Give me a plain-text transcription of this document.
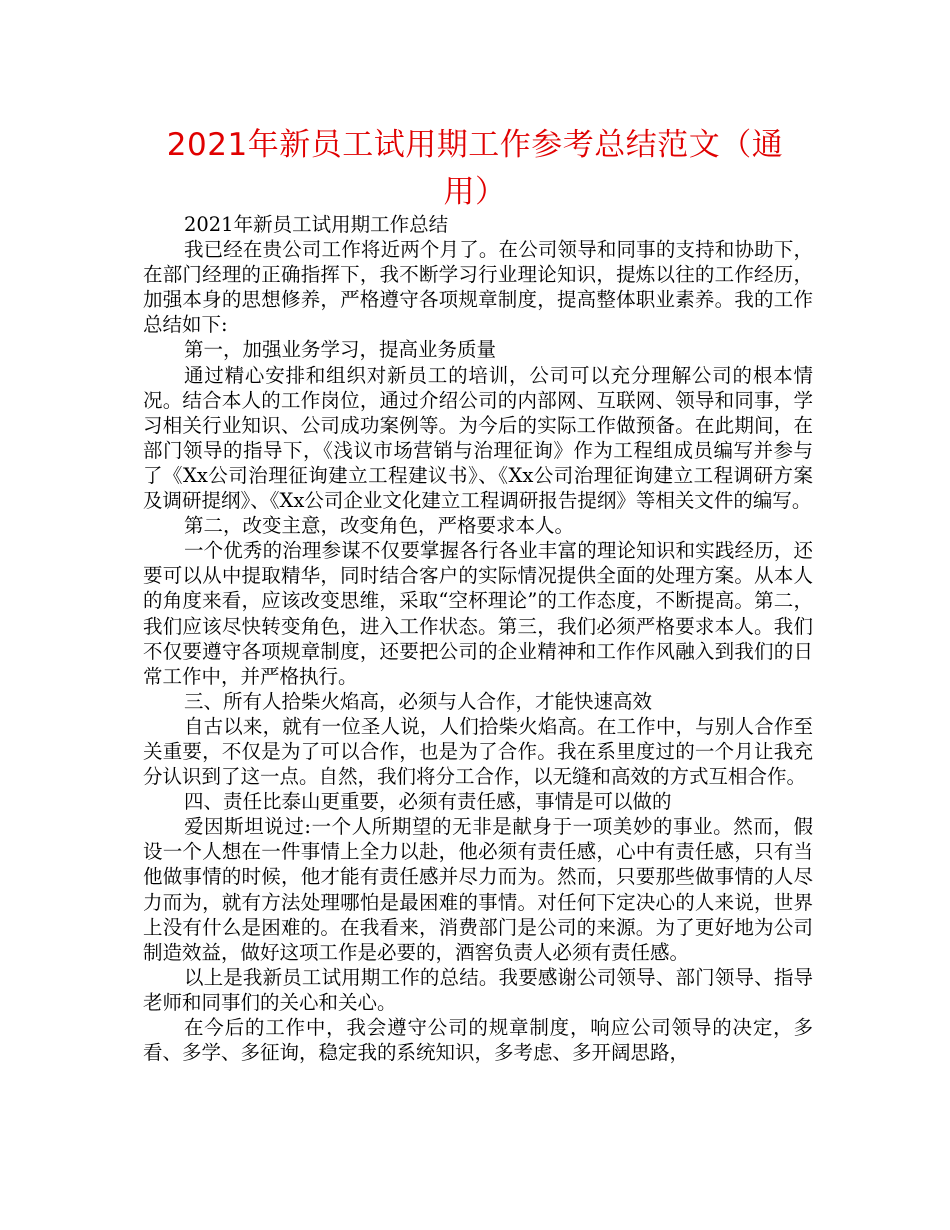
2021年新员工试用期工作参考总结范文（通用）

2021年新员工试用期工作总结

我已经在贵公司工作将近两个月了。在公司领导和同事的支持和协助下，在部门经理的正确指挥下，我不断学习行业理论知识，提炼以往的工作经历，加强本身的思想修养，严格遵守各项规章制度，提高整体职业素养。我的工作总结如下:

第一，加强业务学习，提高业务质量

通过精心安排和组织对新员工的培训，公司可以充分理解公司的根本情况。结合本人的工作岗位，通过介绍公司的内部网、互联网、领导和同事，学习相关行业知识、公司成功案例等。为今后的实际工作做预备。在此期间，在部门领导的指导下，《浅议市场营销与治理征询》作为工程组成员编写并参与了《Xx公司治理征询建立工程建议书》、《Xx公司治理征询建立工程调研方案及调研提纲》、《Xx公司企业文化建立工程调研报告提纲》等相关文件的编写。

第二，改变主意，改变角色，严格要求本人。

一个优秀的治理参谋不仅要掌握各行各业丰富的理论知识和实践经历，还要可以从中提取精华，同时结合客户的实际情况提供全面的处理方案。从本人的角度来看，应该改变思维，采取“空杯理论”的工作态度，不断提高。第二，我们应该尽快转变角色，进入工作状态。第三，我们必须严格要求本人。我们不仅要遵守各项规章制度，还要把公司的企业精神和工作作风融入到我们的日常工作中，并严格执行。

三、所有人拾柴火焰高，必须与人合作，才能快速高效

自古以来，就有一位圣人说，人们拾柴火焰高。在工作中，与别人合作至关重要，不仅是为了可以合作，也是为了合作。我在系里度过的一个月让我充分认识到了这一点。自然，我们将分工合作，以无缝和高效的方式互相合作。

四、责任比泰山更重要，必须有责任感，事情是可以做的

爱因斯坦说过:一个人所期望的无非是献身于一项美妙的事业。然而，假设一个人想在一件事情上全力以赴，他必须有责任感，心中有责任感，只有当他做事情的时候，他才能有责任感并尽力而为。然而，只要那些做事情的人尽力而为，就有方法处理哪怕是最困难的事情。对任何下定决心的人来说，世界上没有什么是困难的。在我看来，消费部门是公司的来源。为了更好地为公司制造效益，做好这项工作是必要的，酒窖负责人必须有责任感。

以上是我新员工试用期工作的总结。我要感谢公司领导、部门领导、指导老师和同事们的关心和关心。

在今后的工作中，我会遵守公司的规章制度，响应公司领导的决定，多看、多学、多征询，稳定我的系统知识，多考虑、多开阔思路，
